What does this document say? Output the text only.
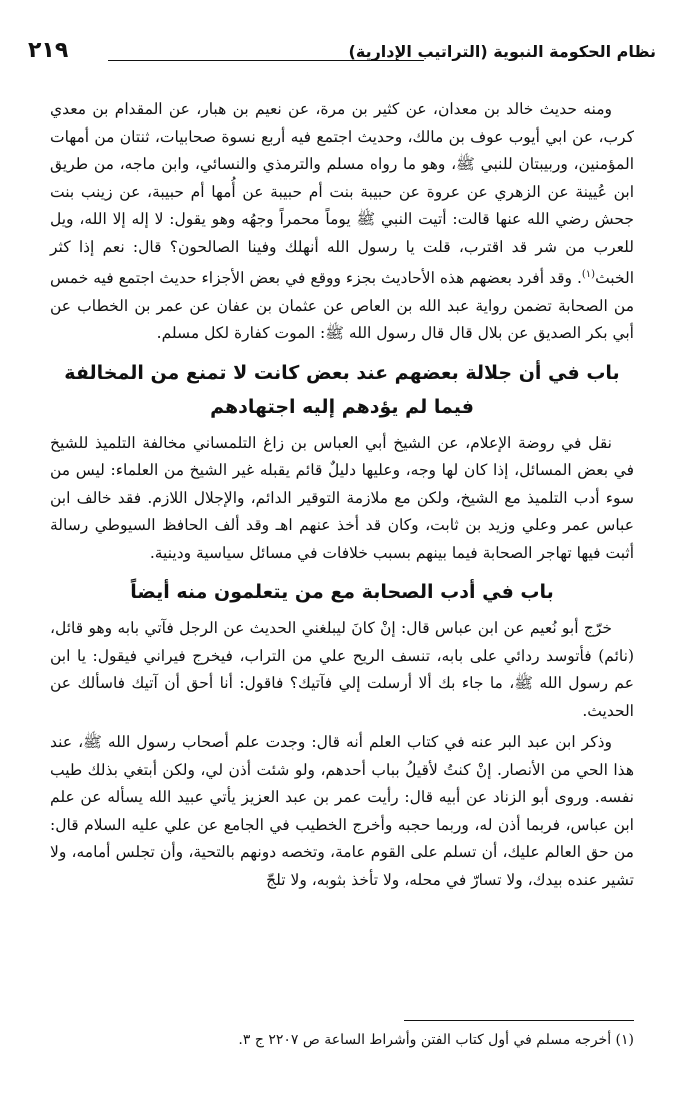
نظام الحكومة النبوية (التراتيب الإدارية)
٢١٩

ومنه حديث خالد بن معدان، عن كثير بن مرة، عن نعيم بن هبار، عن المقدام بن معدي كرب، عن ابي أيوب عوف بن مالك، وحديث اجتمع فيه أربع نسوة صحابيات، ثنتان من أمهات المؤمنين، وربيبتان للنبي ﷺ، وهو ما رواه مسلم والترمذي والنسائي، وابن ماجه، من طريق ابن عُيينة عن الزهري عن عروة عن حبيبة بنت أم حبيبة عن أُمها أم حبيبة، عن زينب بنت جحش رضي الله عنها قالت: أتيت النبي ﷺ يوماً محمراً وجهُه وهو يقول: لا إله إلا الله، ويل للعرب من شر قد اقترب، قلت يا رسول الله أنهلك وفينا الصالحون؟ قال: نعم إذا كثر الخبث$^{(١)}$. وقد أفرد بعضهم هذه الأحاديث بجزء ووقع في بعض الأجزاء حديث اجتمع فيه خمس من الصحابة تضمن رواية عبد الله بن العاص عن عثمان بن عفان عن عمر بن الخطاب عن أبي بكر الصديق عن بلال قال قال رسول الله ﷺ: الموت كفارة لكل مسلم.

باب في أن جلالة بعضهم عند بعض كانت لا تمنع من المخالفة فيما لم يؤدهم إليه اجتهادهم

نقل في روضة الإعلام، عن الشيخ أبي العباس بن زاغ التلمساني مخالفة التلميذ للشيخ في بعض المسائل، إذا كان لها وجه، وعليها دليلٌ قائم يقبله غير الشيخ من العلماء: ليس من سوء أدب التلميذ مع الشيخ، ولكن مع ملازمة التوقير الدائم، والإجلال اللازم. فقد خالف ابن عباس عمر وعلي وزيد بن ثابت، وكان قد أخذ عنهم اهـ وقد ألف الحافظ السيوطي رسالة أثبت فيها تهاجر الصحابة فيما بينهم بسبب خلافات في مسائل سياسية ودينية.

باب في أدب الصحابة مع من يتعلمون منه أيضاً

خرّج أبو نُعيم عن ابن عباس قال: إنْ كانَ ليبلغني الحديث عن الرجل فآتي بابه وهو قائل، (نائم) فأتوسد ردائي على بابه، تنسف الريح علي من التراب، فيخرج فيراني فيقول: يا ابن عم رسول الله ﷺ، ما جاء بك ألا أرسلت إلي فآتيك؟ فاقول: أنا أحق أن آتيك فاسألك عن الحديث.

وذكر ابن عبد البر عنه في كتاب العلم أنه قال: وجدت علم أصحاب رسول الله ﷺ، عند هذا الحي من الأنصار. إنْ كنتُ لأقيلُ بباب أحدهم، ولو شئت أذن لي، ولكن أبتغي بذلك طيب نفسه. وروى أبو الزناد عن أبيه قال: رأيت عمر بن عبد العزيز يأتي عبيد الله يسأله عن علم ابن عباس، فربما أذن له، وربما حجبه وأخرج الخطيب في الجامع عن علي عليه السلام قال: من حق العالم عليك، أن تسلم على القوم عامة، وتخصه دونهم بالتحية، وأن تجلس أمامه، ولا تشير عنده بيدك، ولا تسارّ في محله، ولا تأخذ بثوبه، ولا تلجّ

(١) أخرجه مسلم في أول كتاب الفتن وأشراط الساعة ص ٢٢٠٧ ج ٣.
